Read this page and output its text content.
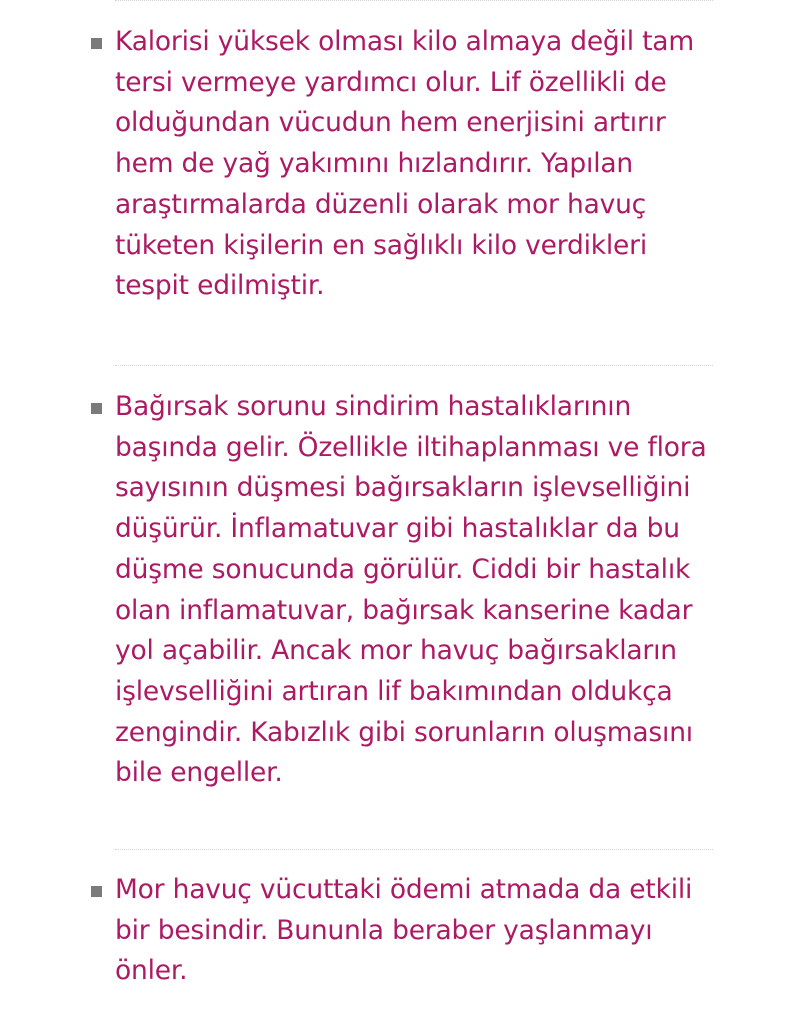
Kalorisi yüksek olması kilo almaya değil tam tersi vermeye yardımcı olur. Lif özellikli de olduğundan vücudun hem enerjisini artırır hem de yağ yakımını hızlandırır. Yapılan araştırmalarda düzenli olarak mor havuç tüketen kişilerin en sağlıklı kilo verdikleri tespit edilmiştir.

Bağırsak sorunu sindirim hastalıklarının başında gelir. Özellikle iltihaplanması ve flora sayısının düşmesi bağırsakların işlevselliğini düşürür. İnflamatuvar gibi hastalıklar da bu düşme sonucunda görülür. Ciddi bir hastalık olan inflamatuvar, bağırsak kanserine kadar yol açabilir. Ancak mor havuç bağırsakların işlevselliğini artıran lif bakımından oldukça zengindir. Kabızlık gibi sorunların oluşmasını bile engeller.

Mor havuç vücuttaki ödemi atmada da etkili bir besindir. Bununla beraber yaşlanmayı önler.
